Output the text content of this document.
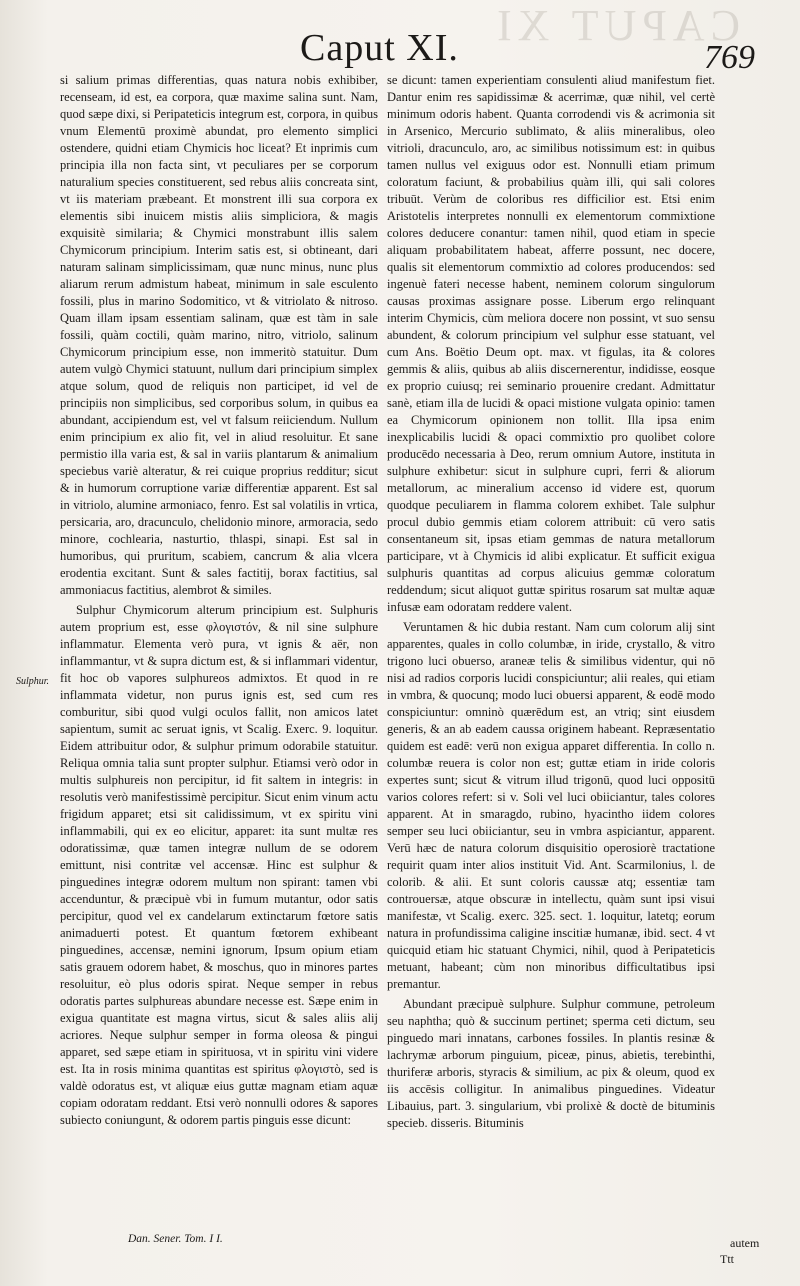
CAPUT XI
Caput XI.	769
Sulphur.

si salium primas differentias, quas natura nobis exhibiber, recenseam, id est, ea corpora, quæ maxime salina sunt. Nam, quod sæpe dixi, si Peripateticis integrum est, corpora, in quibus vnum Elementū proximè abundat, pro elemento simplici ostendere, quidni etiam Chymicis hoc liceat? Et inprimis cum principia illa non facta sint, vt peculiares per se corporum naturalium species constituerent, sed rebus aliis concreata sint, vt iis materiam præbeant. Et monstrent illi sua corpora ex elementis sibi inuicem mistis aliis simpliciora, & magis exquisitè similaria; & Chymici monstrabunt illis salem Chymicorum principium. Interim satis est, si obtineant, dari naturam salinam simplicissimam, quæ nunc minus, nunc plus aliarum rerum admistum habeat, minimum in sale esculento fossili, plus in marino Sodomitico, vt & vitriolato & nitroso. Quam illam ipsam essentiam salinam, quæ est tàm in sale fossili, quàm coctili, quàm marino, nitro, vitriolo, salinum Chymicorum principium esse, non immeritò statuitur. Dum autem vulgò Chymici statuunt, nullum dari principium simplex atque solum, quod de reliquis non participet, id vel de principiis non simplicibus, sed corporibus solum, in quibus ea abundant, accipiendum est, vel vt falsum reiiciendum. Nullum enim principium ex alio fit, vel in aliud resoluitur. Et sane permistio illa varia est, & sal in variis plantarum & animalium speciebus variè alteratur, & rei cuique proprius redditur; sicut & in humorum corruptione variæ differentiæ apparent. Est sal in vitriolo, alumine armoniaco, fenro. Est sal volatilis in vrtica, persicaria, aro, dracunculo, chelidonio minore, armoracia, sedo minore, cochlearia, nasturtio, thlaspi, sinapi. Est sal in humoribus, qui pruritum, scabiem, cancrum & alia vlcera erodentia excitant. Sunt & sales factitij, borax factitius, sal ammoniacus factitius, alembrot & similes.

Sulphur Chymicorum alterum principium est. Sulphuris autem proprium est, esse φλογιστόν, & nil sine sulphure inflammatur. Elementa verò pura, vt ignis & aër, non inflammantur, vt & supra dictum est, & si inflammari videntur, fit hoc ob vapores sulphureos admixtos. Et quod in re inflammata videtur, non purus ignis est, sed cum res comburitur, sibi quod vulgi oculos fallit, non amicos latet sapientum, sumit ac seruat ignis, vt Scalig. Exerc. 9. loquitur. Eidem attribuitur odor, & sulphur primum odorabile statuitur. Reliqua omnia talia sunt propter sulphur. Etiamsi verò odor in multis sulphureis non percipitur, id fit saltem in integris: in resolutis verò manifestissimè percipitur. Sicut enim vinum actu frigidum apparet; etsi sit calidissimum, vt ex spiritu vini inflammabili, qui ex eo elicitur, apparet: ita sunt multæ res odoratissimæ, quæ tamen integræ nullum de se odorem emittunt, nisi contritæ vel accensæ. Hinc est sulphur & pinguedines integræ odorem multum non spirant: tamen vbi accenduntur, & præcipuè vbi in fumum mutantur, odor satis percipitur, quod vel ex candelarum extinctarum fœtore satis animaduerti potest. Et quantum fœtorem exhibeant pinguedines, accensæ, nemini ignorum, Ipsum opium etiam satis grauem odorem habet, & moschus, quo in minores partes resoluitur, eò plus odoris spirat. Neque semper in rebus odoratis partes sulphureas abundare necesse est. Sæpe enim in exigua quantitate est magna virtus, sicut & sales aliis alij acriores. Neque sulphur semper in forma oleosa & pingui apparet, sed sæpe etiam in spirituosa, vt in spiritu vini videre est. Ita in rosis minima quantitas est spiritus φλογιστὸ, sed is valdè odoratus est, vt aliquæ eius guttæ magnam etiam aquæ copiam odoratam reddant. Etsi verò nonnulli odores & sapores subiecto coniungunt, & odorem partis pinguis esse dicunt:

se dicunt: tamen experientiam consulenti aliud manifestum fiet. Dantur enim res sapidissimæ & acerrimæ, quæ nihil, vel certè minimum odoris habent. Quanta corrodendi vis & acrimonia sit in Arsenico, Mercurio sublimato, & aliis mineralibus, oleo vitrioli, dracunculo, aro, ac similibus notissimum est: in quibus tamen nullus vel exiguus odor est. Nonnulli etiam primum coloratum faciunt, & probabilius quàm illi, qui sali colores tribuūt. Verùm de coloribus res difficilior est. Etsi enim Aristotelis interpretes nonnulli ex elementorum commixtione colores deducere conantur: tamen nihil, quod etiam in specie aliquam probabilitatem habeat, afferre possunt, nec docere, qualis sit elementorum commixtio ad colores producendos: sed ingenuè fateri necesse habent, neminem colorum singulorum causas proximas assignare posse. Liberum ergo relinquant interim Chymicis, cùm meliora docere non possint, vt suo sensu abundent, & colorum principium vel sulphur esse statuant, vel cum Ans. Boëtio Deum opt. max. vt figulas, ita & colores gemmis & aliis, quibus ab aliis discernerentur, indidisse, eosque ex proprio cuiusq; rei seminario prouenire credant. Admittatur sanè, etiam illa de lucidi & opaci mistione vulgata opinio: tamen ea Chymicorum opinionem non tollit. Illa ipsa enim inexplicabilis lucidi & opaci commixtio pro quolibet colore producēdo necessaria à Deo, rerum omnium Autore, instituta in sulphure exhibetur: sicut in sulphure cupri, ferri & aliorum metallorum, ac mineralium accenso id videre est, quorum quodque peculiarem in flamma colorem exhibet. Tale sulphur procul dubio gemmis etiam colorem attribuit: cū vero satis consentaneum sit, ipsas etiam gemmas de natura metallorum participare, vt à Chymicis id alibi explicatur. Et sufficit exigua sulphuris quantitas ad corpus alicuius gemmæ coloratum reddendum; sicut aliquot guttæ spiritus rosarum sat multæ aquæ infusæ eam odoratam reddere valent.

Veruntamen & hic dubia restant. Nam cum colorum alij sint apparentes, quales in collo columbæ, in iride, crystallo, & vitro trigono luci obuerso, araneæ telis & similibus videntur, qui nō nisi ad radios corporis lucidi conspiciuntur; alii reales, qui etiam in vmbra, & quocunq; modo luci obuersi apparent, & eodē modo conspiciuntur: omninò quærēdum est, an vtriq; sint eiusdem generis, & an ab eadem caussa originem habeant. Repræsentatio quidem est eadē: verū non exigua apparet differentia. In collo n. columbæ reuera is color non est; guttæ etiam in iride coloris expertes sunt; sicut & vitrum illud trigonū, quod luci oppositū varios colores refert: si v. Soli vel luci obiiciantur, tales colores apparent. At in smaragdo, rubino, hyacintho iidem colores semper seu luci obiiciantur, seu in vmbra aspiciantur, apparent. Verū hæc de natura colorum disquisitio operosiorè tractatione requirit quam inter alios instituit Vid. Ant. Scarmilonius, l. de colorib. & alii. Et sunt coloris caussæ atq; essentiæ tam controuersæ, atque obscuræ in intellectu, quàm sunt ipsi visui manifestæ, vt Scalig. exerc. 325. sect. 1. loquitur, latetq; eorum natura in profundissima caligine inscitiæ humanæ, ibid. sect. 4 vt quicquid etiam hic statuant Chymici, nihil, quod à Peripateticis metuant, habeant; cùm non minoribus difficultatibus ipsi premantur.

Abundant præcipuè sulphure. Sulphur commune, petroleum seu naphtha; quò & succinum pertinet; sperma ceti dictum, seu pinguedo mari innatans, carbones fossiles. In plantis resinæ & lachrymæ arborum pinguium, piceæ, pinus, abietis, terebinthi, thuriferæ arboris, styracis & similium, ac pix & oleum, quod ex iis accēsis colligitur. In animalibus pinguedines. Videatur Libauius, part. 3. singularium, vbi prolixè & doctè de bituminis specieb. disseris. Bituminis

Dan. Sener. Tom. I I.	autem
Ttt
